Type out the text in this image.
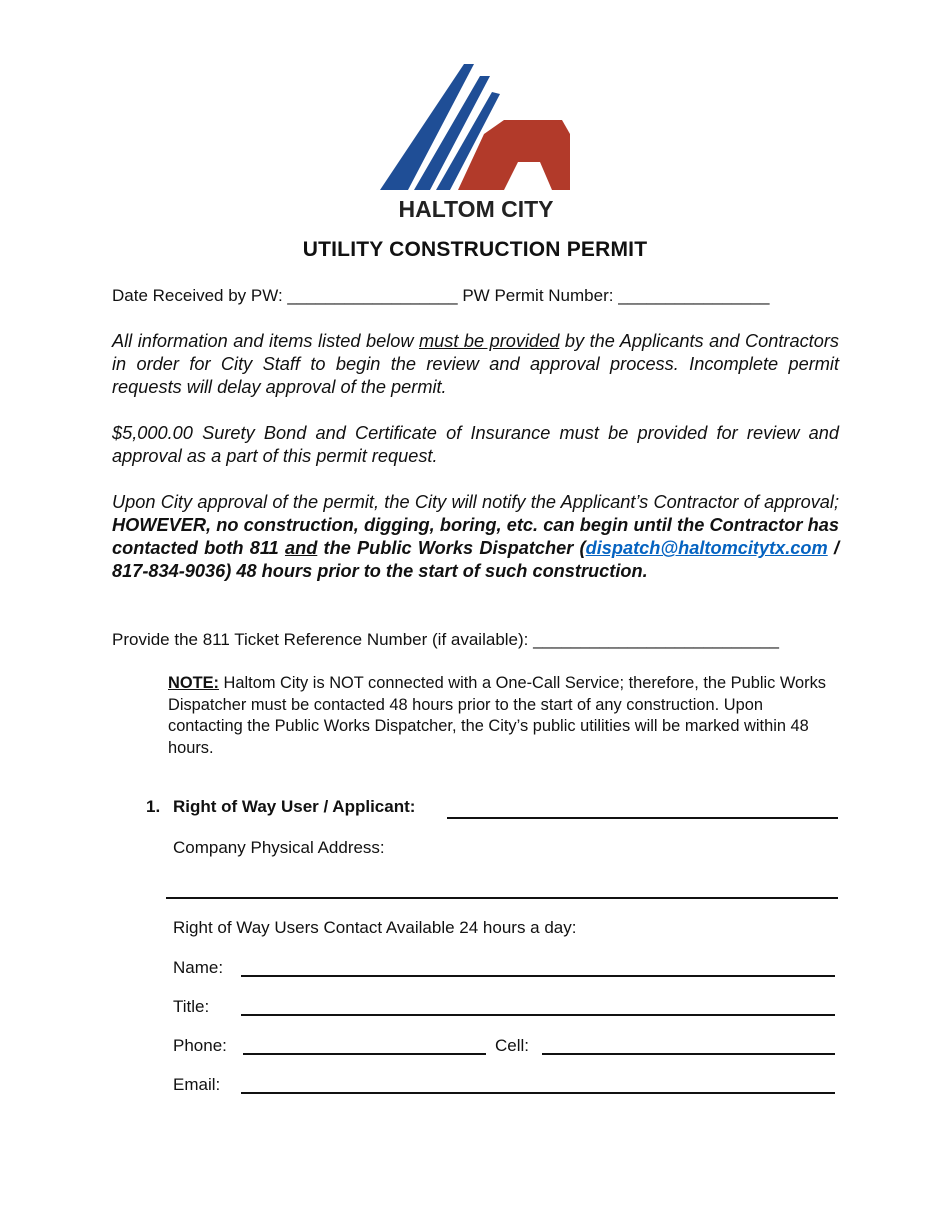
HALTOM CITY
UTILITY CONSTRUCTION PERMIT
Date Received by PW: __________________ PW Permit Number: ________________
All information and items listed below must be provided by the Applicants and Contractors in order for City Staff to begin the review and approval process. Incomplete permit requests will delay approval of the permit.
$5,000.00 Surety Bond and Certificate of Insurance must be provided for review and approval as a part of this permit request.
Upon City approval of the permit, the City will notify the Applicant’s Contractor of approval; HOWEVER, no construction, digging, boring, etc. can begin until the Contractor has contacted both 811 and the Public Works Dispatcher (dispatch@haltomcitytx.com / 817-834-9036) 48 hours prior to the start of such construction.
Provide the 811 Ticket Reference Number (if available): __________________________
NOTE: Haltom City is NOT connected with a One-Call Service; therefore, the Public Works Dispatcher must be contacted 48 hours prior to the start of any construction. Upon contacting the Public Works Dispatcher, the City’s public utilities will be marked within 48 hours.
1. Right of Way User / Applicant:
Company Physical Address:
Right of Way Users Contact Available 24 hours a day:
Name:
Title:
Phone:	Cell:
Email:
